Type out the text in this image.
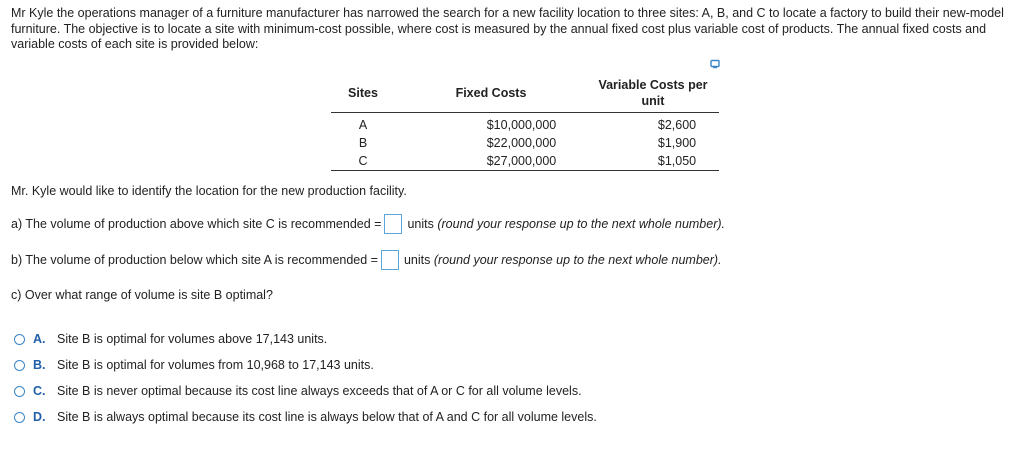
Mr Kyle the operations manager of a furniture manufacturer has narrowed the search for a new facility location to three sites: A, B, and C to locate a factory to build their new-model furniture. The objective is to locate a site with minimum-cost possible, where cost is measured by the annual fixed cost plus variable cost of products. The annual fixed costs and variable costs of each site is provided below:
Sites	Fixed Costs	Variable Costs per unit
A	$10,000,000	$2,600
B	$22,000,000	$1,900
C	$27,000,000	$1,050
Mr. Kyle would like to identify the location for the new production facility.
a) The volume of production above which site C is recommended = units (round your response up to the next whole number).
b) The volume of production below which site A is recommended = units (round your response up to the next whole number).
c) Over what range of volume is site B optimal?
A. Site B is optimal for volumes above 17,143 units.
B. Site B is optimal for volumes from 10,968 to 17,143 units.
C. Site B is never optimal because its cost line always exceeds that of A or C for all volume levels.
D. Site B is always optimal because its cost line is always below that of A and C for all volume levels.
